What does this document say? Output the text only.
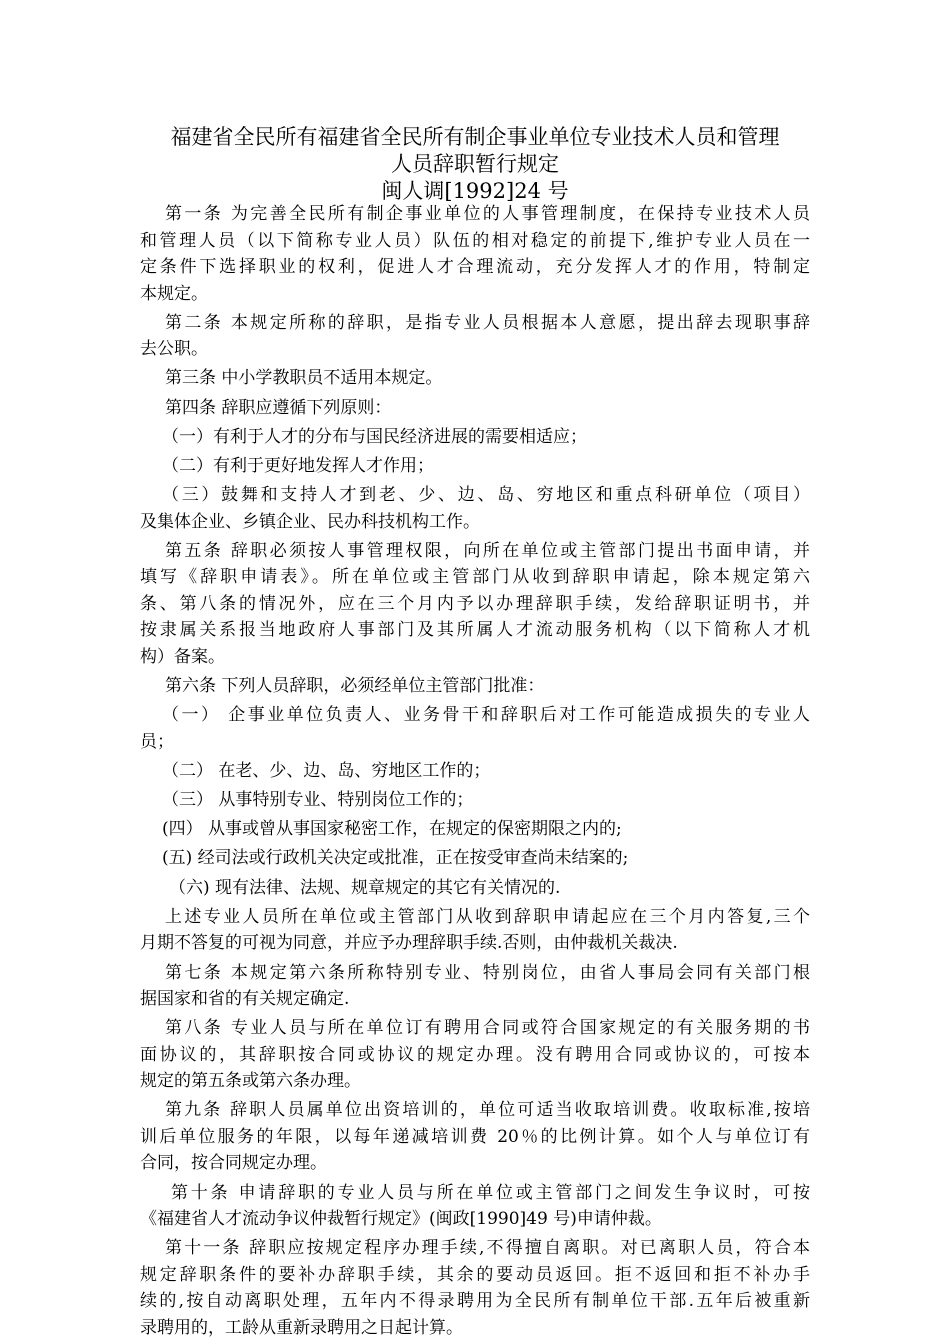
福建省全民所有福建省全民所有制企事业单位专业技术人员和管理
人员辞职暂行规定
闽人调[1992]24 号
第一条 为完善全民所有制企事业单位的人事管理制度，在保持专业技术人员
和管理人员（以下简称专业人员）队伍的相对稳定的前提下,维护专业人员在一
定条件下选择职业的权利，促进人才合理流动，充分发挥人才的作用，特制定
本规定。
第二条 本规定所称的辞职，是指专业人员根据本人意愿，提出辞去现职事辞
去公职。
第三条 中小学教职员不适用本规定。
第四条 辞职应遵循下列原则：
（一）有利于人才的分布与国民经济进展的需要相适应；
（二）有利于更好地发挥人才作用；
（三）鼓舞和支持人才到老、少、边、岛、穷地区和重点科研单位（项目）
及集体企业、乡镇企业、民办科技机构工作。
第五条 辞职必须按人事管理权限，向所在单位或主管部门提出书面申请，并
填写《辞职申请表》。所在单位或主管部门从收到辞职申请起，除本规定第六
条、第八条的情况外，应在三个月内予以办理辞职手续，发给辞职证明书，并
按隶属关系报当地政府人事部门及其所属人才流动服务机构（以下简称人才机
构）备案。
第六条 下列人员辞职，必须经单位主管部门批准：
（一） 企事业单位负责人、业务骨干和辞职后对工作可能造成损失的专业人
员；
（二） 在老、少、边、岛、穷地区工作的；
（三） 从事特别专业、特别岗位工作的；
(四） 从事或曾从事国家秘密工作，在规定的保密期限之内的;
(五) 经司法或行政机关决定或批准，正在按受审查尚未结案的;
（六) 现有法律、法规、规章规定的其它有关情况的.
上述专业人员所在单位或主管部门从收到辞职申请起应在三个月内答复,三个
月期不答复的可视为同意，并应予办理辞职手续.否则，由仲裁机关裁决.
第七条 本规定第六条所称特别专业、特别岗位，由省人事局会同有关部门根
据国家和省的有关规定确定.
第八条 专业人员与所在单位订有聘用合同或符合国家规定的有关服务期的书
面协议的，其辞职按合同或协议的规定办理。没有聘用合同或协议的，可按本
规定的第五条或第六条办理。
第九条 辞职人员属单位出资培训的，单位可适当收取培训费。收取标准,按培
训后单位服务的年限，以每年递减培训费 20％的比例计算。如个人与单位订有
合同，按合同规定办理。
第十条 申请辞职的专业人员与所在单位或主管部门之间发生争议时，可按
《福建省人才流动争议仲裁暂行规定》(闽政[1990]49 号)申请仲裁。
第十一条 辞职应按规定程序办理手续,不得擅自离职。对已离职人员，符合本
规定辞职条件的要补办辞职手续，其余的要动员返回。拒不返回和拒不补办手
续的,按自动离职处理，五年内不得录聘用为全民所有制单位干部.五年后被重新
录聘用的，工龄从重新录聘用之日起计算。
